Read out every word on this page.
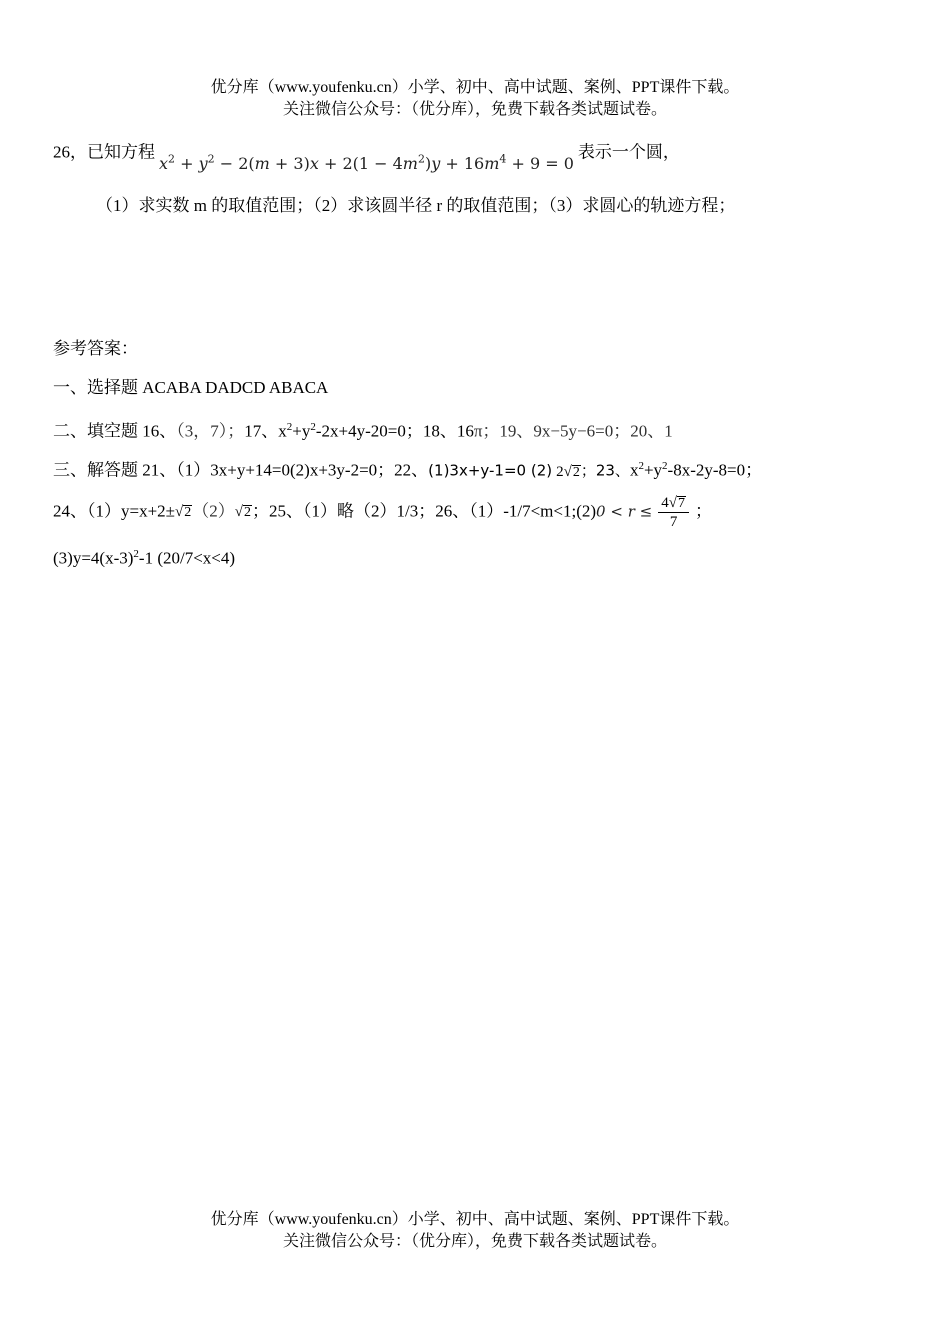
优分库（www.youfenku.cn）小学、初中、高中试题、案例、PPT课件下载。
关注微信公众号：（优分库），免费下载各类试题试卷。
26，已知方程$x^2 + y^2 - 2(m + 3)x + 2(1 - 4m^2)y + 16m^4 + 9 = 0$表示一个圆，
（1）求实数 m 的取值范围；（2）求该圆半径 r 的取值范围；（3）求圆心的轨迹方程；
参考答案：
一、选择题 ACABA DADCD ABACA
二、填空题 16、（3，7）；17、$x^2+y^2-2x+4y-20=0$；18、16π；19、9x−5y−6=0；20、1
三、解答题 21、（1）3x+y+14=0(2)x+3y-2=0；22、(1)3x+y-1=0 (2) 2√2；23、$x^2+y^2-8x-2y-8=0$；
24、（1）y=x+2±√2（2）√2；25、（1）略（2）1/3；26、（1）-1/7<m<1;(2)0 < $r \le \frac{4√7}{7}$ ；
$(3)y=4(x-3)^2-1$ (20/7<x<4)
优分库（www.youfenku.cn）小学、初中、高中试题、案例、PPT课件下载。
关注微信公众号：（优分库），免费下载各类试题试卷。
